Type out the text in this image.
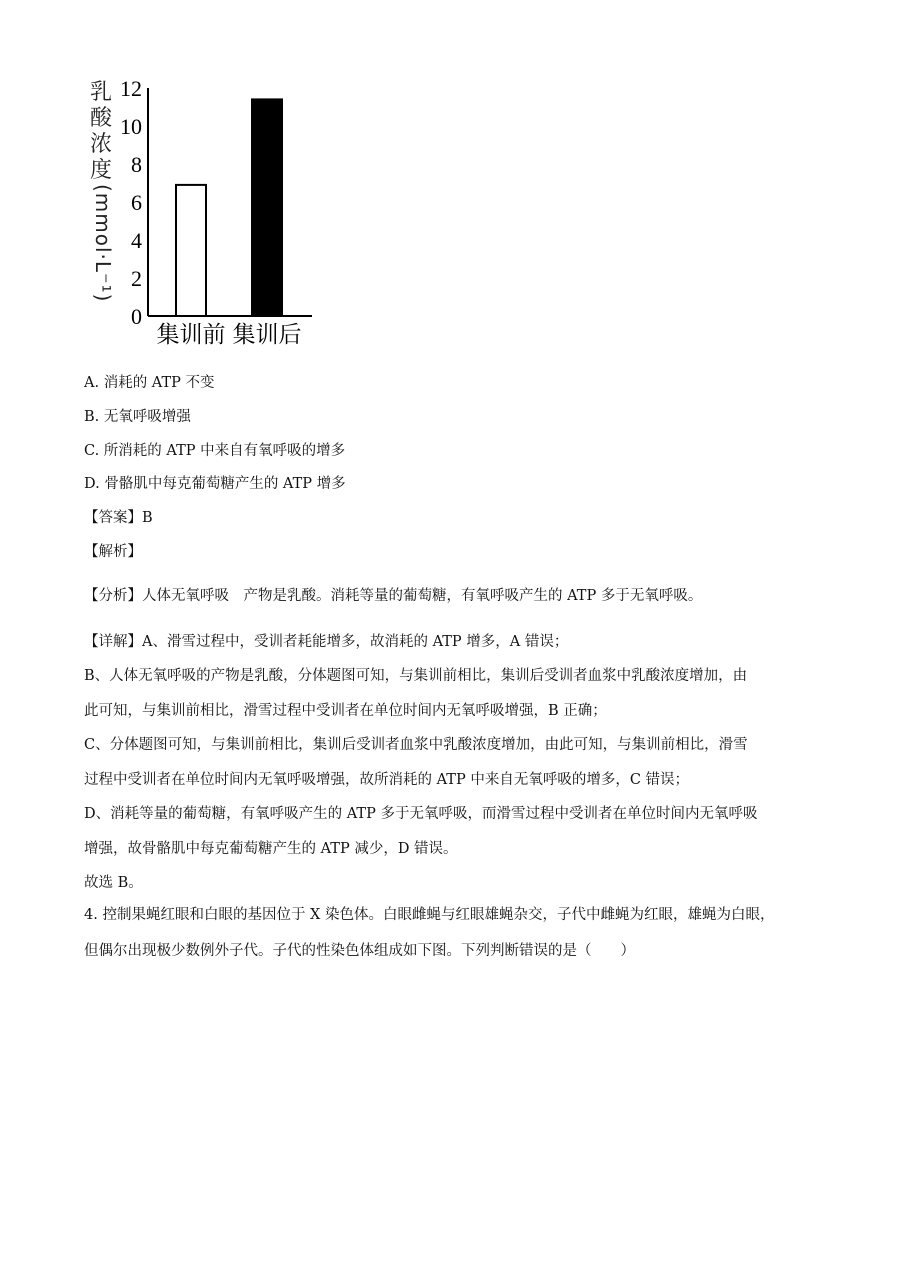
乳
酸
浓
度
(mmol·L⁻¹)
0
2
4
6
8
10
12
集训前 集训后
A. 消耗的 ATP 不变
B. 无氧呼吸增强
C. 所消耗的 ATP 中来自有氧呼吸的增多
D. 骨骼肌中每克葡萄糖产生的 ATP 增多
【答案】B
【解析】
【分析】人体无氧呼吸　产物是乳酸。消耗等量的葡萄糖，有氧呼吸产生的 ATP 多于无氧呼吸。
【详解】A、滑雪过程中，受训者耗能增多，故消耗的 ATP 增多，A 错误；
B、人体无氧呼吸的产物是乳酸，分体题图可知，与集训前相比，集训后受训者血浆中乳酸浓度增加，由
此可知，与集训前相比，滑雪过程中受训者在单位时间内无氧呼吸增强，B 正确；
C、分体题图可知，与集训前相比，集训后受训者血浆中乳酸浓度增加，由此可知，与集训前相比，滑雪
过程中受训者在单位时间内无氧呼吸增强，故所消耗的 ATP 中来自无氧呼吸的增多，C 错误；
D、消耗等量的葡萄糖，有氧呼吸产生的 ATP 多于无氧呼吸，而滑雪过程中受训者在单位时间内无氧呼吸
增强，故骨骼肌中每克葡萄糖产生的 ATP 减少，D 错误。
故选 B。
4. 控制果蝇红眼和白眼的基因位于 X 染色体。白眼雌蝇与红眼雄蝇杂交，子代中雌蝇为红眼，雄蝇为白眼，
但偶尔出现极少数例外子代。子代的性染色体组成如下图。下列判断错误的是（　　）
